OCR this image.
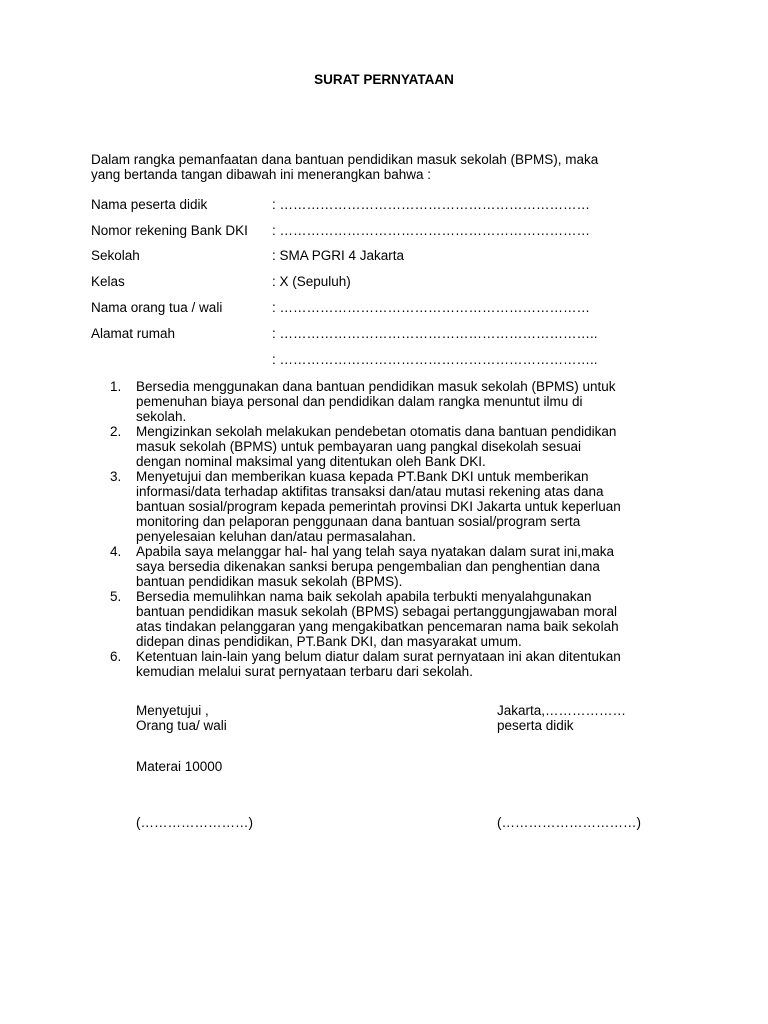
SURAT PERNYATAAN

Dalam rangka pemanfaatan dana bantuan pendidikan masuk sekolah (BPMS), maka

yang bertanda tangan dibawah ini menerangkan bahwa :

Nama peserta didik	: ……………………………………………………………
Nomor rekening Bank DKI : ……………………………………………………………
Sekolah	: SMA PGRI 4 Jakarta
Kelas	: X (Sepuluh)
Nama orang tua / wali	: ……………………………………………………………
Alamat rumah	: ……………………………………………………………..
: ……………………………………………………………..
1. Bersedia menggunakan dana bantuan pendidikan masuk sekolah (BPMS) untuk
pemenuhan biaya personal dan pendidikan dalam rangka menuntut ilmu di
sekolah.
2. Mengizinkan sekolah melakukan pendebetan otomatis dana bantuan pendidikan
masuk sekolah (BPMS) untuk pembayaran uang pangkal disekolah sesuai
dengan nominal maksimal yang ditentukan oleh Bank DKI.
3. Menyetujui dan memberikan kuasa kepada PT.Bank DKI untuk memberikan
informasi/data terhadap aktifitas transaksi dan/atau mutasi rekening atas dana
bantuan sosial/program kepada pemerintah provinsi DKI Jakarta untuk keperluan
monitoring dan pelaporan penggunaan dana bantuan sosial/program serta
penyelesaian keluhan dan/atau permasalahan.
4. Apabila saya melanggar hal- hal yang telah saya nyatakan dalam surat ini,maka
saya bersedia dikenakan sanksi berupa pengembalian dan penghentian dana
bantuan pendidikan masuk sekolah (BPMS).
5. Bersedia memulihkan nama baik sekolah apabila terbukti menyalahgunakan
bantuan pendidikan masuk sekolah (BPMS) sebagai pertanggungjawaban moral
atas tindakan pelanggaran yang mengakibatkan pencemaran nama baik sekolah
didepan dinas pendidikan, PT.Bank DKI, dan masyarakat umum.
6. Ketentuan lain-lain yang belum diatur dalam surat pernyataan ini akan ditentukan
kemudian melalui surat pernyataan terbaru dari sekolah.
Menyetujui ,
Orang tua/ wali
Jakarta,………………
peserta didik
Materai 10000
(……………………)	(…………………………)
